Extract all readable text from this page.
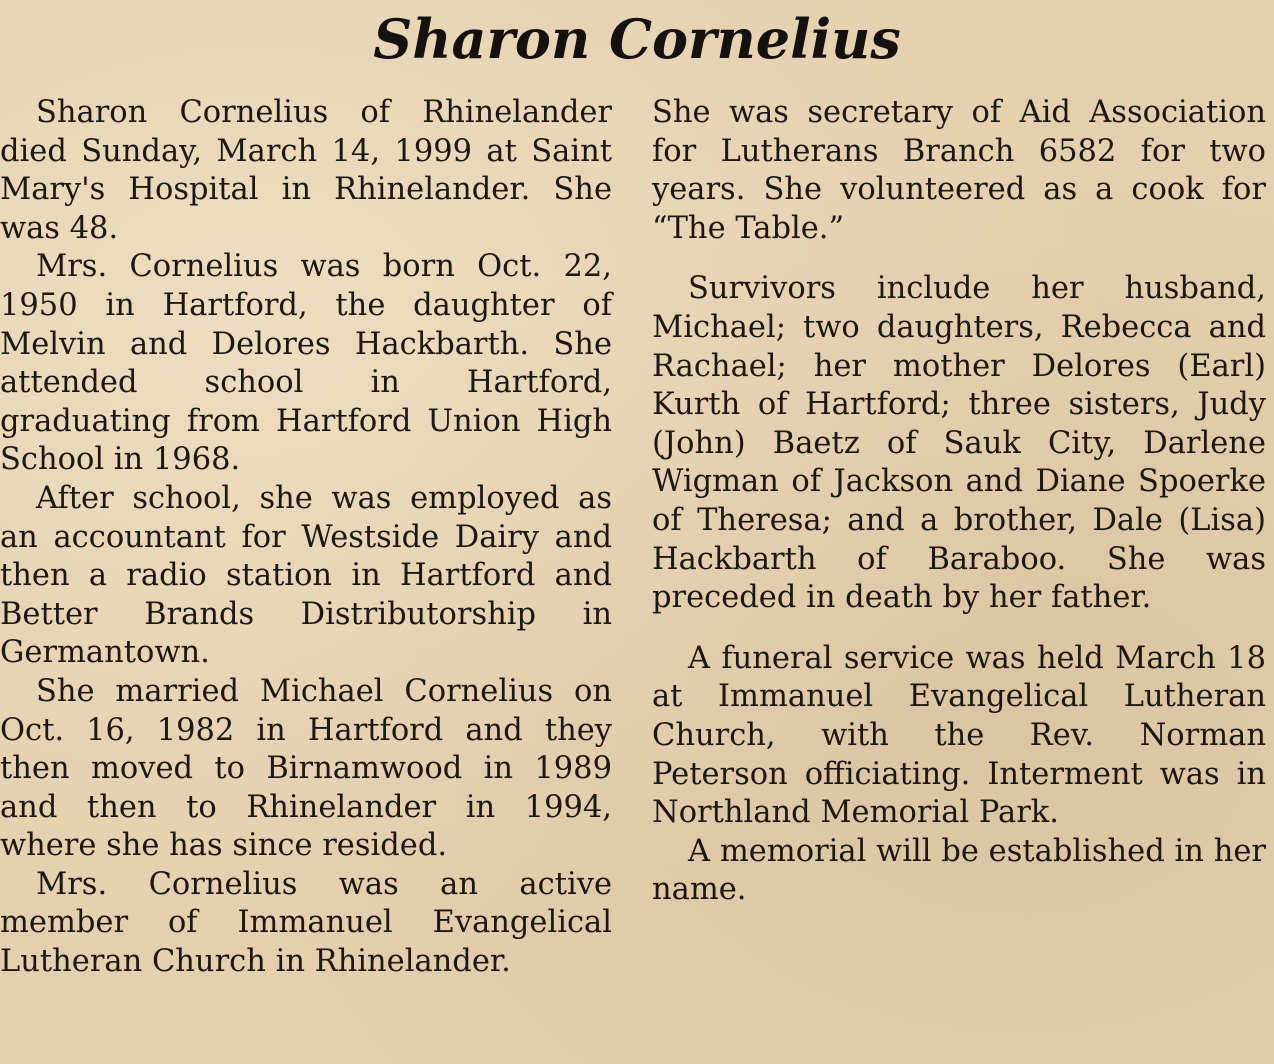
Sharon Cornelius

Sharon Cornelius of Rhinelander died Sunday, March 14, 1999 at Saint Mary's Hospital in Rhinelander. She was 48.

Mrs. Cornelius was born Oct. 22, 1950 in Hartford, the daughter of Melvin and Delores Hackbarth. She attended school in Hartford, graduating from Hartford Union High School in 1968.

After school, she was employed as an accountant for Westside Dairy and then a radio station in Hartford and Better Brands Distributorship in Germantown.

She married Michael Cornelius on Oct. 16, 1982 in Hartford and they then moved to Birnamwood in 1989 and then to Rhinelander in 1994, where she has since resided.

Mrs. Cornelius was an active member of Immanuel Evangelical Lutheran Church in Rhinelander.

She was secretary of Aid Association for Lutherans Branch 6582 for two years. She volunteered as a cook for “The Table.”

Survivors include her husband, Michael; two daughters, Rebecca and Rachael; her mother Delores (Earl) Kurth of Hartford; three sisters, Judy (John) Baetz of Sauk City, Darlene Wigman of Jackson and Diane Spoerke of Theresa; and a brother, Dale (Lisa) Hackbarth of Baraboo. She was preceded in death by her father.

A funeral service was held March 18 at Immanuel Evangelical Lutheran Church, with the Rev. Norman Peterson officiating. Interment was in Northland Memorial Park.

A memorial will be established in her name.
